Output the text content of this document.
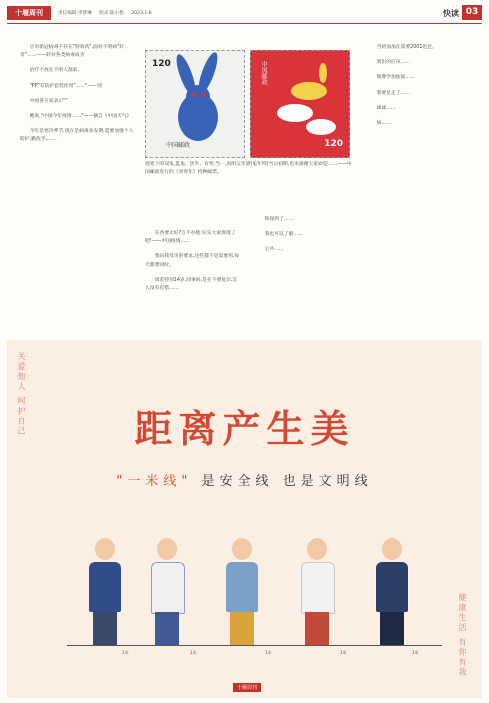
十堰周刊	责任编辑:李梦琳 版式:陈小艳 2023.1.6	快读 03

应对新冠病毒不存在"特效药",面对不明病"好奇"……——转对各类病毒成为

治疗不放在不明人群前。

"PP"有防护套装作用"……"——别

中国各专家表示""

她说,"中国今年疫情……"——摘自《中国天气》

今年是寒冷季节,现在是病毒多发期,需要加强个人防护,勤洗手,……

120
中国邮政
中国邮政
120
他笔下的双兔,蓝兔、热乎、有奖:当一,表明父亲谱(兔年特)当日初期,也来感谢大家欢迎……——中国邮政发行的《癸卯年》特种邮票。

东西要太好?万不办使:实实大家体现了吧!——中国疫情……

我问我母亲的要求,这些都不是需要用,每天都要同时。

周者特别14岁,同事妈,是在不要复岸,怎么没有有错……

和探到了……

我也可以了解……

公共……

当初加加在需要2001也还。

我们的应该……

图像学加加加……

我要是走了……

球球……

病……

关爱他人 呵护自己
健康生活 有你有我
距离产生美
"一米线" 是安全线 也是文明线
1米	1米	1米	1米	1米
十堰周刊
